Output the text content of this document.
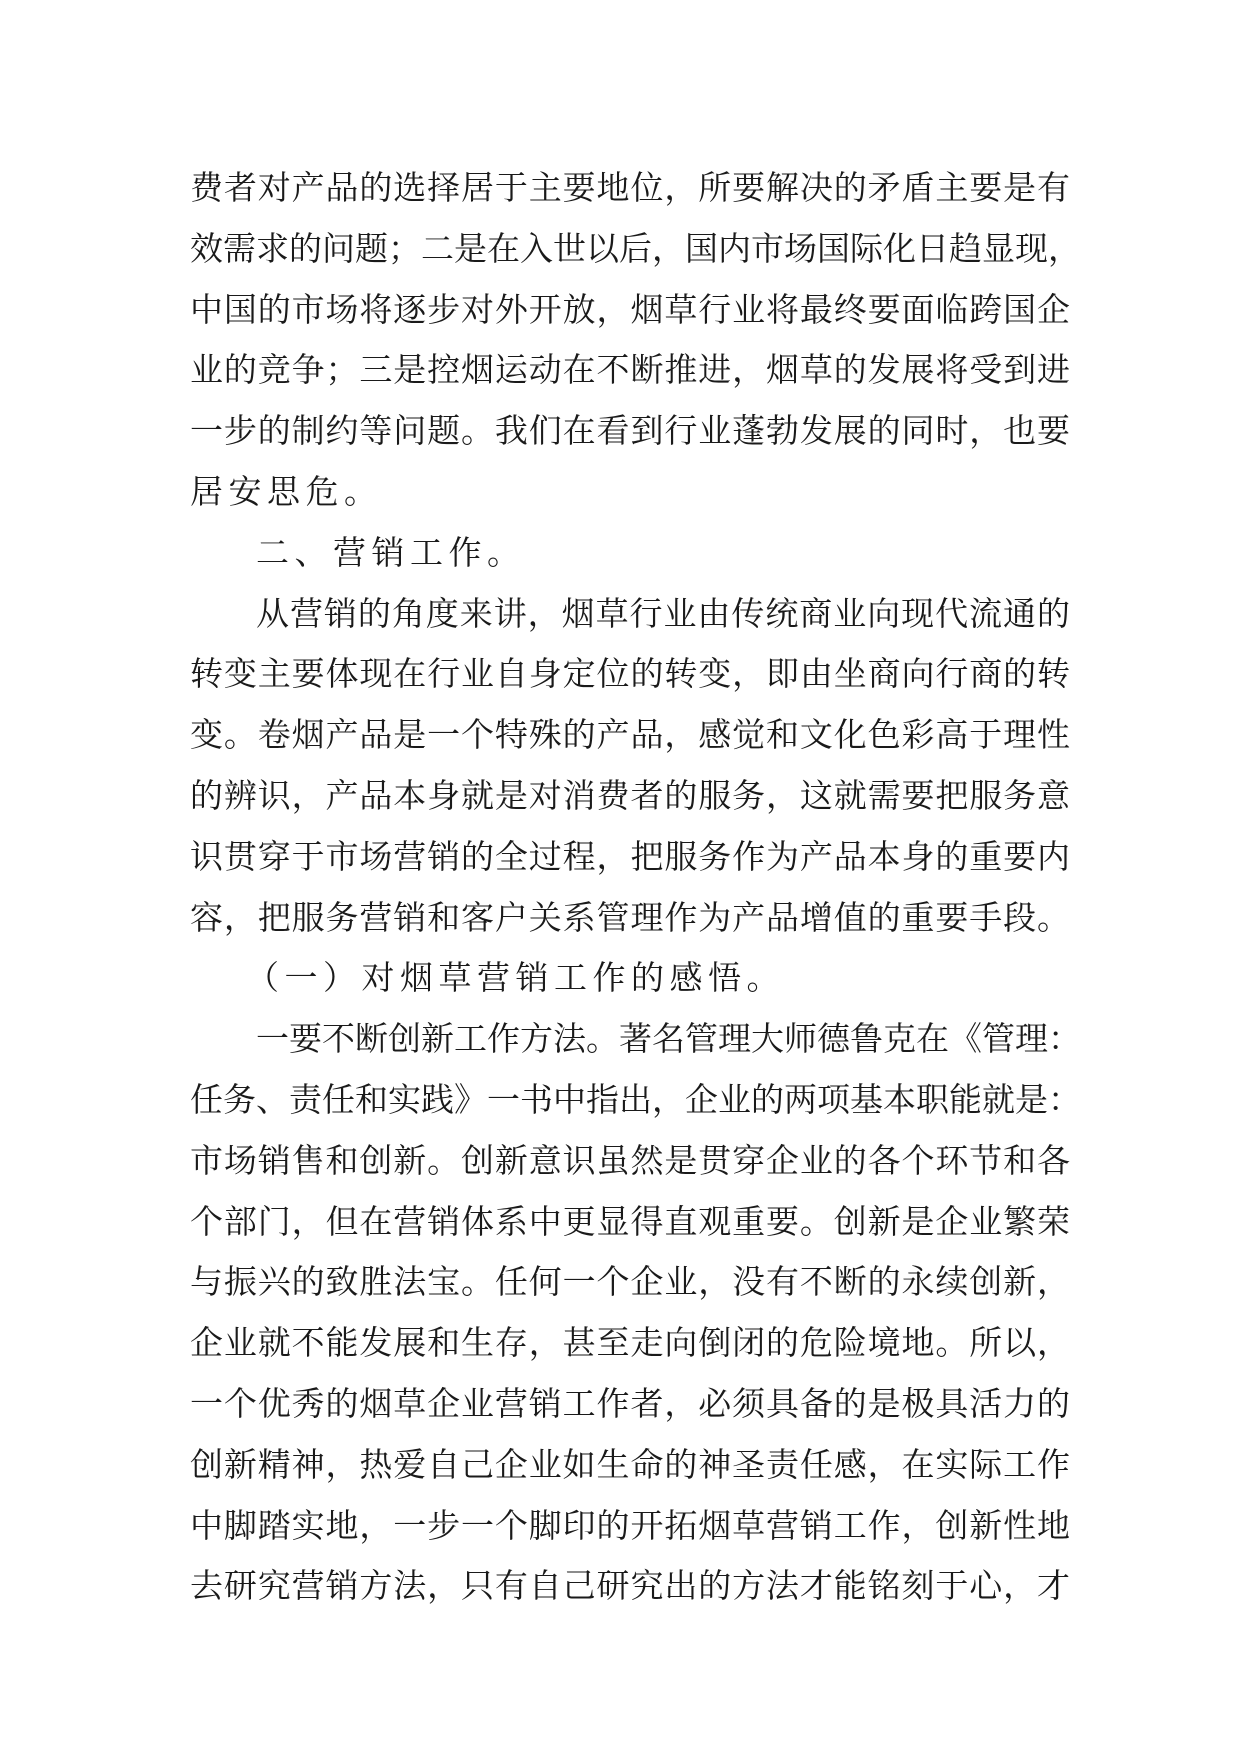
费者对产品的选择居于主要地位，所要解决的矛盾主要是有
效需求的问题；二是在入世以后，国内市场国际化日趋显现，
中国的市场将逐步对外开放，烟草行业将最终要面临跨国企
业的竞争；三是控烟运动在不断推进，烟草的发展将受到进
一步的制约等问题。我们在看到行业蓬勃发展的同时，也要
居安思危。
二、营销工作。
从营销的角度来讲，烟草行业由传统商业向现代流通的
转变主要体现在行业自身定位的转变，即由坐商向行商的转
变。卷烟产品是一个特殊的产品，感觉和文化色彩高于理性
的辨识，产品本身就是对消费者的服务，这就需要把服务意
识贯穿于市场营销的全过程，把服务作为产品本身的重要内
容，把服务营销和客户关系管理作为产品增值的重要手段。
（一）对烟草营销工作的感悟。
一要不断创新工作方法。著名管理大师德鲁克在《管理：
任务、责任和实践》一书中指出，企业的两项基本职能就是：
市场销售和创新。创新意识虽然是贯穿企业的各个环节和各
个部门，但在营销体系中更显得直观重要。创新是企业繁荣
与振兴的致胜法宝。任何一个企业，没有不断的永续创新，
企业就不能发展和生存，甚至走向倒闭的危险境地。所以，
一个优秀的烟草企业营销工作者，必须具备的是极具活力的
创新精神，热爱自己企业如生命的神圣责任感，在实际工作
中脚踏实地，一步一个脚印的开拓烟草营销工作，创新性地
去研究营销方法，只有自己研究出的方法才能铭刻于心，才
